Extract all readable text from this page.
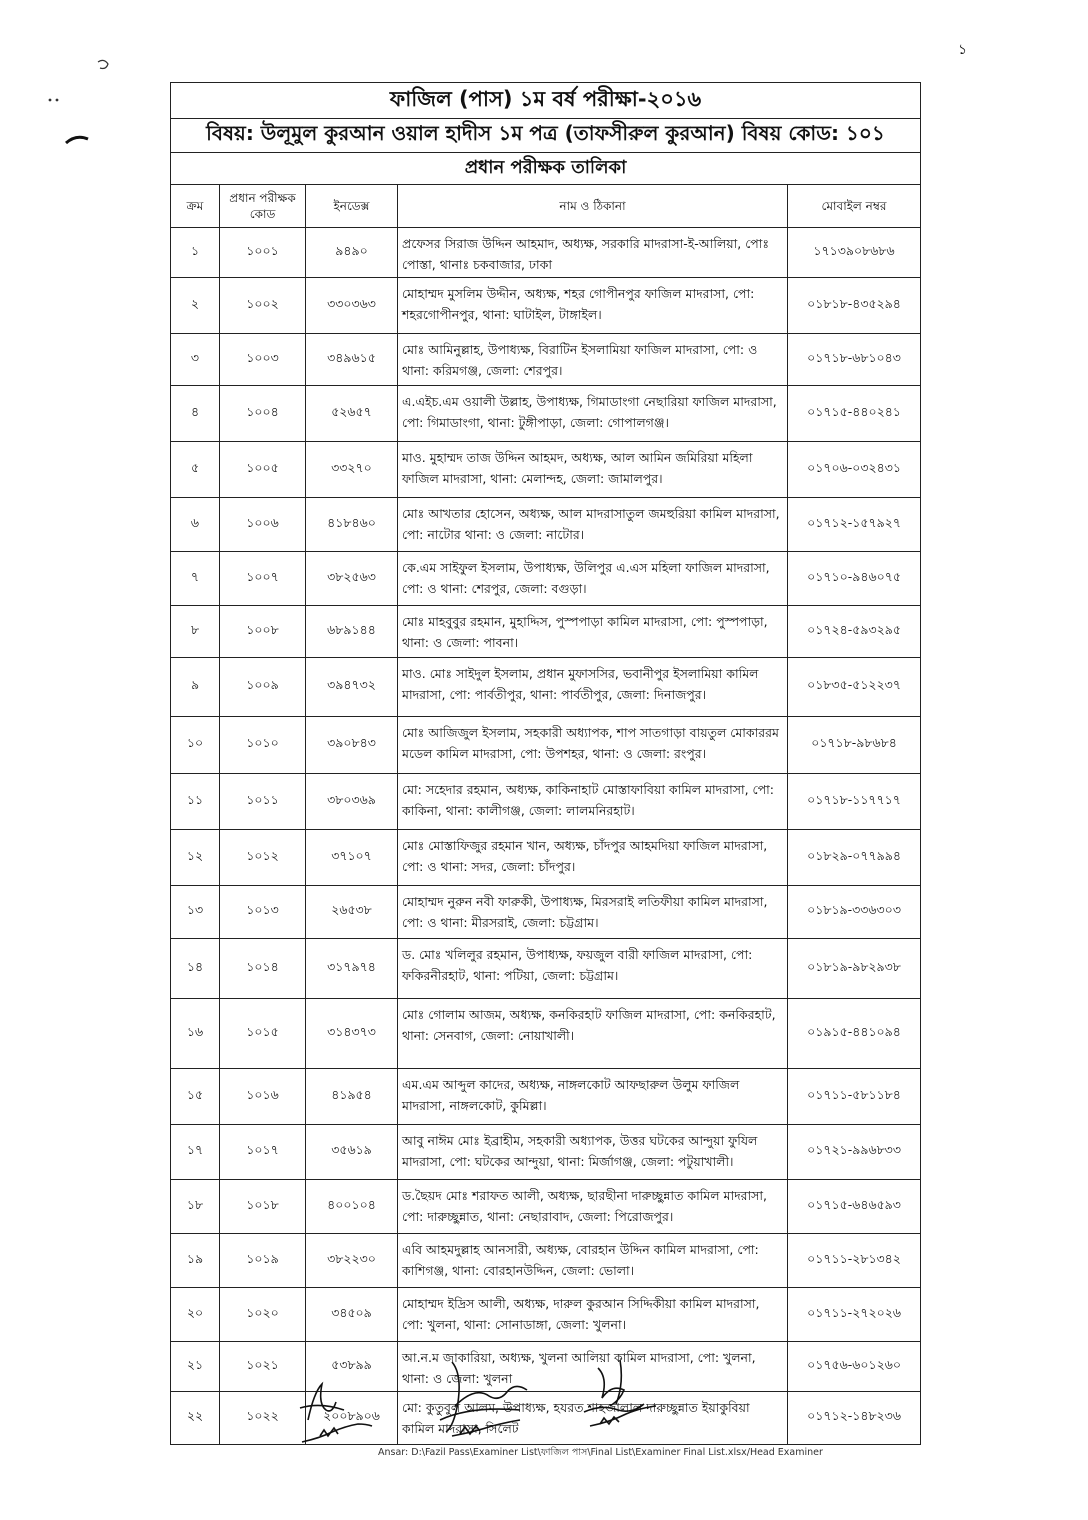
১
ফাজিল (পাস) ১ম বর্ষ পরীক্ষা-২০১৬				
বিষয়: উলূমুল কুরআন ওয়াল হাদীস ১ম পত্র (তাফসীরুল কুরআন) বিষয় কোড: ১০১				
প্রধান পরীক্ষক তালিকা				
ক্রম	প্রধান পরীক্ষক কোড	ইনডেক্স	নাম ও ঠিকানা	মোবাইল নম্বর
১	১০০১	৯৪৯০	প্রফেসর সিরাজ উদ্দিন আহমাদ, অধ্যক্ষ, সরকারি মাদরাসা-ই-আলিয়া, পোঃ পোস্তা, থানাঃ চকবাজার, ঢাকা	১৭১৩৯০৮৬৮৬
২	১০০২	৩৩০৩৬৩	মোহাম্মদ মুসলিম উদ্দীন, অধ্যক্ষ, শহর গোপীনপুর ফাজিল মাদরাসা, পো: শহরগোপীনপুর, থানা: ঘাটাইল, টাঙ্গাইল।	০১৮১৮-৪৩৫২৯৪
৩	১০০৩	৩৪৯৬১৫	মোঃ আমিনুল্লাহ, উপাধ্যক্ষ, বিরাটিন ইসলামিয়া ফাজিল মাদরাসা, পো: ও থানা: করিমগঞ্জ, জেলা: শেরপুর।	০১৭১৮-৬৮১০৪৩
৪	১০০৪	৫২৬৫৭	এ.এইচ.এম ওয়ালী উল্লাহ, উপাধ্যক্ষ, গিমাডাংগা নেছারিয়া ফাজিল মাদরাসা, পো: গিমাডাংগা, থানা: টুঙ্গীপাড়া, জেলা: গোপালগঞ্জ।	০১৭১৫-৪৪০২৪১
৫	১০০৫	৩৩২৭০	মাও. মুহাম্মদ তাজ উদ্দিন আহমদ, অধ্যক্ষ, আল আমিন জমিরিয়া মহিলা ফাজিল মাদরাসা, থানা: মেলান্দহ, জেলা: জামালপুর।	০১৭০৬-০৩২৪৩১
৬	১০০৬	৪১৮৪৬০	মোঃ আখতার হোসেন, অধ্যক্ষ, আল মাদরাসাতুল জমহুরিয়া কামিল মাদরাসা, পো: নাটোর থানা: ও জেলা: নাটোর।	০১৭১২-১৫৭৯২৭
৭	১০০৭	৩৮২৫৬৩	কে.এম সাইফুল ইসলাম, উপাধ্যক্ষ, উলিপুর এ.এস মহিলা ফাজিল মাদরাসা, পো: ও থানা: শেরপুর, জেলা: বগুড়া।	০১৭১০-৯৪৬০৭৫
৮	১০০৮	৬৮৯১৪৪	মোঃ মাহবুবুর রহমান, মুহাদ্দিস, পুস্পপাড়া কামিল মাদরাসা, পো: পুস্পপাড়া, থানা: ও জেলা: পাবনা।	০১৭২৪-৫৯৩২৯৫
৯	১০০৯	৩৯৪৭৩২	মাও. মোঃ সাইদুল ইসলাম, প্রধান মুফাসসির, ভবানীপুর ইসলামিয়া কামিল মাদরাসা, পো: পার্বতীপুর, থানা: পার্বতীপুর, জেলা: দিনাজপুর।	০১৮৩৫-৫১২২৩৭
১০	১০১০	৩৯০৮৪৩	মোঃ আজিজুল ইসলাম, সহকারী অধ্যাপক, শাপ সাতগাড়া বায়তুল মোকাররম মডেল কামিল মাদরাসা, পো: উপশহর, থানা: ও জেলা: রংপুর।	০১৭১৮-৯৮৬৮৪
১১	১০১১	৩৮০৩৬৯	মো: সহেদার রহমান, অধ্যক্ষ, কাকিনাহাট মোস্তাফাবিয়া কামিল মাদরাসা, পো: কাকিনা, থানা: কালীগঞ্জ, জেলা: লালমনিরহাট।	০১৭১৮-১১৭৭১৭
১২	১০১২	৩৭১০৭	মোঃ মোস্তাফিজুর রহমান খান, অধ্যক্ষ, চাঁদপুর আহমদিয়া ফাজিল মাদরাসা, পো: ও থানা: সদর, জেলা: চাঁদপুর।	০১৮২৯-০৭৭৯৯৪
১৩	১০১৩	২৬৫৩৮	মোহাম্মদ নুরুন নবী ফারুকী, উপাধ্যক্ষ, মিরসরাই লতিফীয়া কামিল মাদরাসা, পো: ও থানা: মীরসরাই, জেলা: চট্টগ্রাম।	০১৮১৯-৩৩৬৩০৩
১৪	১০১৪	৩১৭৯৭৪	ড. মোঃ খলিলুর রহমান, উপাধ্যক্ষ, ফয়জুল বারী ফাজিল মাদরাসা, পো: ফকিরনীরহাট, থানা: পটিয়া, জেলা: চট্টগ্রাম।	০১৮১৯-৯৮২৯৩৮
১৬	১০১৫	৩১৪৩৭৩	মোঃ গোলাম আজম, অধ্যক্ষ, কনকিরহাট ফাজিল মাদরাসা, পো: কনকিরহাট, থানা: সেনবাগ, জেলা: নোয়াখালী।	০১৯১৫-৪৪১০৯৪
১৫	১০১৬	৪১৯৫৪	এম.এম আব্দুল কাদের, অধ্যক্ষ, নাঙ্গলকোট আফছারুল উলুম ফাজিল মাদরাসা, নাঙ্গলকোট, কুমিল্লা।	০১৭১১-৫৮১১৮৪
১৭	১০১৭	৩৫৬১৯	আবু নাঈম মোঃ ইব্রাহীম, সহকারী অধ্যাপক, উত্তর ঘটকের আন্দুয়া ফুযিল মাদরাসা, পো: ঘটকের আন্দুয়া, থানা: মির্জাগঞ্জ, জেলা: পটুয়াখালী।	০১৭২১-৯৯৬৮৩৩
১৮	১০১৮	৪০০১০৪	ড.ছৈয়দ মোঃ শরাফত আলী, অধ্যক্ষ, ছারছীনা দারুচ্ছুন্নাত কামিল মাদরাসা, পো: দারুচ্ছুন্নাত, থানা: নেছারাবাদ, জেলা: পিরোজপুর।	০১৭১৫-৬৪৬৫৯৩
১৯	১০১৯	৩৮২২৩০	এবি আহমদুল্লাহ আনসারী, অধ্যক্ষ, বোরহান উদ্দিন কামিল মাদরাসা, পো: কাশিগঞ্জ, থানা: বোরহানউদ্দিন, জেলা: ভোলা।	০১৭১১-২৮১৩৪২
২০	১০২০	৩৪৫০৯	মোহাম্মদ ইদ্রিস আলী, অধ্যক্ষ, দারুল কুরআন সিদ্দিকীয়া কামিল মাদরাসা, পো: খুলনা, থানা: সোনাডাঙ্গা, জেলা: খুলনা।	০১৭১১-২৭২০২৬
২১	১০২১	৫৩৮৯৯	আ.ন.ম জাকারিয়া, অধ্যক্ষ, খুলনা আলিয়া কামিল মাদরাসা, পো: খুলনা, থানা: ও জেলা: খুলনা	০১৭৫৬-৬০১২৬০
২২	১০২২	২০০৮৯০৬	মো: কুতুবুল আলম, উপাধ্যক্ষ, হযরত শাহজালাল দারুচ্ছুন্নাত ইয়াকুবিয়া কামিল মাদরাসা, সিলেট	০১৭১২-১৪৮২৩৬
Ansar: D:\Fazil Pass\Examiner List\ফাজিল পাস\Final List\Examiner Final List.xlsx/Head Examiner
